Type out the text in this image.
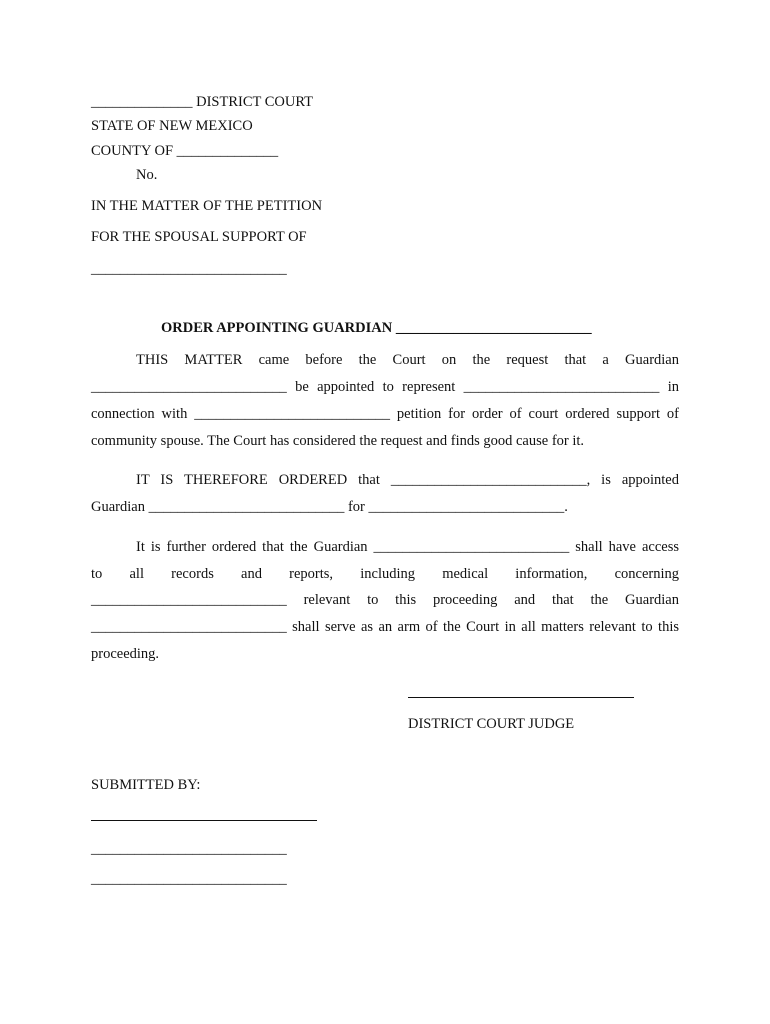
______________ DISTRICT COURT
STATE OF NEW MEXICO
COUNTY OF ______________
No.
IN THE MATTER OF THE PETITION
FOR THE SPOUSAL SUPPORT OF
___________________________
ORDER APPOINTING GUARDIAN ___________________________
THIS MATTER came before the Court on the request that a Guardian
___________________________ be appointed to represent ___________________________ in
connection with ___________________________ petition for order of court ordered support of
community spouse. The Court has considered the request and finds good cause for it.
IT IS THEREFORE ORDERED that ___________________________, is appointed
Guardian ___________________________ for ___________________________.
It is further ordered that the Guardian ___________________________ shall have access
to all records and reports, including medical information, concerning
___________________________ relevant to this proceeding and that the Guardian
___________________________ shall serve as an arm of the Court in all matters relevant to this
proceeding.
DISTRICT COURT JUDGE
SUBMITTED BY:
___________________________
___________________________
